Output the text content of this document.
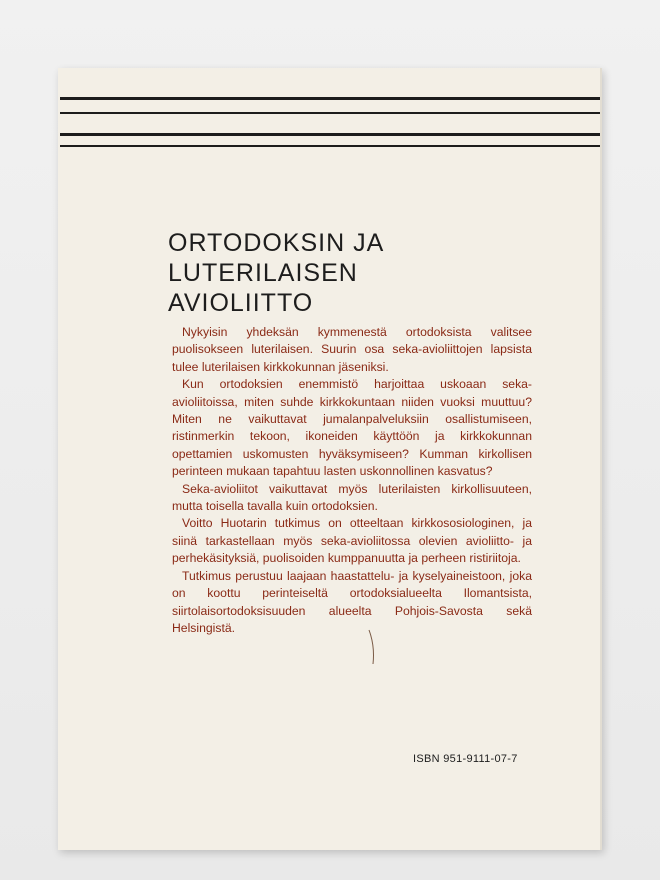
ORTODOKSIN JA
LUTERILAISEN
AVIOLIITTO

Nykyisin yhdeksän kymmenestä ortodoksista valitsee puolisokseen luterilaisen. Suurin osa seka-avioliittojen lapsista tulee luterilaisen kirkkokunnan jäseniksi.

Kun ortodoksien enemmistö harjoittaa uskoaan seka-avioliitoissa, miten suhde kirkkokuntaan niiden vuoksi muuttuu? Miten ne vaikuttavat jumalanpalveluksiin osallistumiseen, ristinmerkin tekoon, ikoneiden käyttöön ja kirkkokunnan opettamien uskomusten hyväksymiseen? Kumman kirkollisen perinteen mukaan tapahtuu lasten uskonnollinen kasvatus?

Seka-avioliitot vaikuttavat myös luterilaisten kirkollisuuteen, mutta toisella tavalla kuin ortodoksien.

Voitto Huotarin tutkimus on otteeltaan kirkkososiologinen, ja siinä tarkastellaan myös seka-avioliitossa olevien avioliitto- ja perhekäsityksiä, puolisoiden kumppanuutta ja perheen ristiriitoja.

Tutkimus perustuu laajaan haastattelu- ja kyselyaineistoon, joka on koottu perinteiseltä ortodoksialueelta Ilomantsista, siirtolaisortodoksisuuden alueelta Pohjois-Savosta sekä Helsingistä.

ISBN 951-9111-07-7
